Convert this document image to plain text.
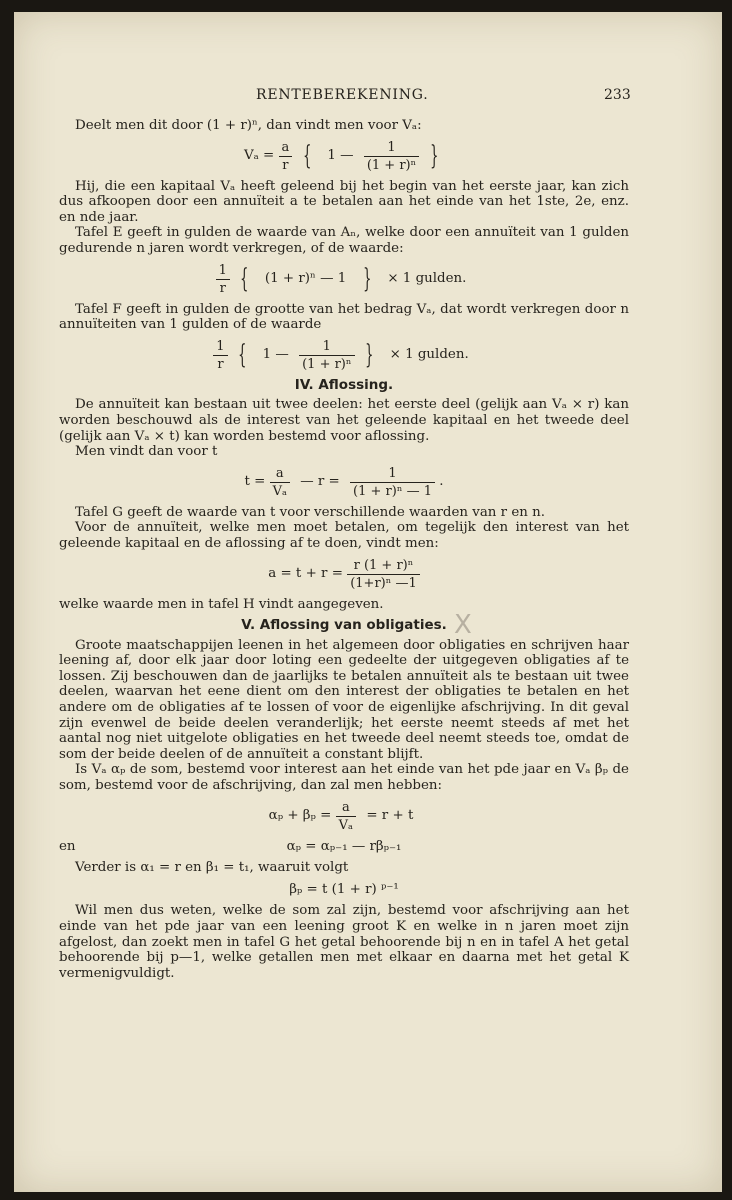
RENTEBEREKENING.	233
X

Deelt men dit door (1 + r)ⁿ, dan vindt men voor Vₐ:

$V_a = \frac{a}{r}$ { 1 — $\frac{1}{\text{(1 + r)ⁿ}}$ }

Hij, die een kapitaal Vₐ heeft geleend bij het begin van het eerste jaar, kan zich dus afkoopen door een annuïteit a te betalen aan het einde van het 1ste, 2e, enz. en nde jaar.

Tafel E geeft in gulden de waarde van Aₙ, welke door een annuïteit van 1 gulden gedurende n jaren wordt verkregen, of de waarde:

$\frac{1}{r}$ { (1 + r)ⁿ — 1 } × 1 gulden.

Tafel F geeft in gulden de grootte van het bedrag Vₐ, dat wordt verkregen door n annuïteiten van 1 gulden of de waarde

$\frac{1}{r}$ { 1 — $\frac{1}{\text{(1 + r)ⁿ}}$ } × 1 gulden.
IV. Aflossing.

De annuïteit kan bestaan uit twee deelen: het eerste deel (gelijk aan Vₐ × r) kan worden beschouwd als de interest van het geleende kapitaal en het tweede deel (gelijk aan Vₐ × t) kan worden bestemd voor aflossing.

Men vindt dan voor t

$t = \frac{a}{\text{Vₐ}}$ — $r = \frac{1}{\text{(1 + r)ⁿ — 1}}$ .

Tafel G geeft de waarde van t voor verschillende waarden van r en n.

Voor de annuïteit, welke men moet betalen, om tegelijk den interest van het geleende kapitaal en de aflossing af te doen, vindt men:

$a = t + r = \frac{\text{r (1 + r)ⁿ}}{\text{(1+r)ⁿ —1}}$

welke waarde men in tafel H vindt aangegeven.

V. Aflossing van obligaties.

Groote maatschappijen leenen in het algemeen door obligaties en schrijven haar leening af, door elk jaar door loting een gedeelte der uitgegeven obligaties af te lossen. Zij beschouwen dan de jaarlijks te betalen annuïteit als te bestaan uit twee deelen, waarvan het eene dient om den interest der obligaties te betalen en het andere om de obligaties af te lossen of voor de eigenlijke afschrijving. In dit geval zijn evenwel de beide deelen veranderlijk; het eerste neemt steeds af met het aantal nog niet uitgelote obligaties en het tweede deel neemt steeds toe, omdat de som der beide deelen of de annuïteit a constant blijft.

Is Vₐ αₚ de som, bestemd voor interest aan het einde van het pde jaar en Vₐ βₚ de som, bestemd voor de afschrijving, dan zal men hebben:

$\alpha_p + \beta_p = \frac{a}{\text{Vₐ}} = r + t$
en	αₚ = αₚ₋₁ — rβₚ₋₁

Verder is α₁ = r en β₁ = t₁, waaruit volgt

βₚ = t (1 + r) ᵖ⁻¹

Wil men dus weten, welke de som zal zijn, bestemd voor afschrijving aan het einde van het pde jaar van een leening groot K en welke in n jaren moet zijn afgelost, dan zoekt men in tafel G het getal behoorende bij n en in tafel A het getal behoorende bij p—1, welke getallen men met elkaar en daarna met het getal K vermenigvuldigt.
